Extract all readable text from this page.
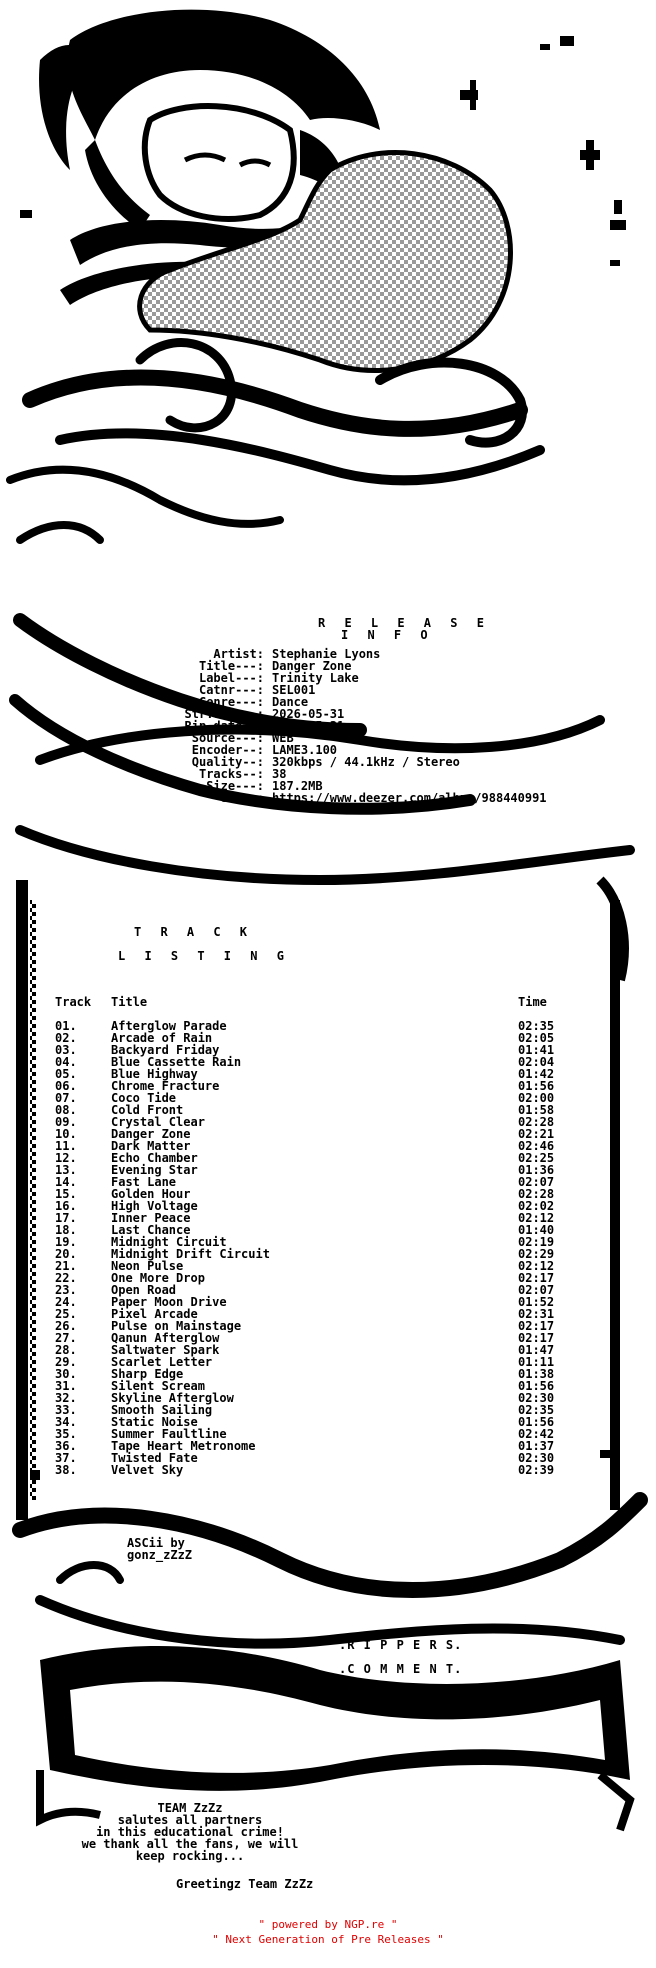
R E L E A S E
I N F O
Artist: Stephanie Lyons
Title---: Danger Zone
Label---: Trinity Lake
Catnr---: SEL001
Genre---: Dance
Str.date--: 2026-05-31
Rip.date--: 2026-05-31
Source---: WEB
Encoder--: LAME3.100
Quality--: 320kbps / 44.1kHz / Stereo
Tracks--: 38
Size---: 187.2MB
Url--: https://www.deezer.com/album/988440991
T R A C K
L I S T I N G
Track Title	Time
01.	Afterglow Parade	02:35
02.	Arcade of Rain	02:05
03.	Backyard Friday	01:41
04.	Blue Cassette Rain	02:04
05.	Blue Highway	01:42
06.	Chrome Fracture	01:56
07.	Coco Tide	02:00
08.	Cold Front	01:58
09.	Crystal Clear	02:28
10.	Danger Zone	02:21
11.	Dark Matter	02:46
12.	Echo Chamber	02:25
13.	Evening Star	01:36
14.	Fast Lane	02:07
15.	Golden Hour	02:28
16.	High Voltage	02:02
17.	Inner Peace	02:12
18.	Last Chance	01:40
19.	Midnight Circuit	02:19
20.	Midnight Drift Circuit	02:29
21.	Neon Pulse	02:12
22.	One More Drop	02:17
23.	Open Road	02:07
24.	Paper Moon Drive	01:52
25.	Pixel Arcade	02:31
26.	Pulse on Mainstage	02:17
27.	Qanun Afterglow	02:17
28.	Saltwater Spark	01:47
29.	Scarlet Letter	01:11
30.	Sharp Edge	01:38
31.	Silent Scream	01:56
32.	Skyline Afterglow	02:30
33.	Smooth Sailing	02:35
34.	Static Noise	01:56
35.	Summer Faultline	02:42
36.	Tape Heart Metronome	01:37
37.	Twisted Fate	02:30
38.	Velvet Sky	02:39
ASCii by
gonz_zZzZ
.R I P P E R S.
.C O M M E N T.
TEAM ZzZz
salutes all partners
in this educational crime!
we thank all the fans, we will
keep rocking...
Greetingz Team ZzZz
" powered by NGP.re "
" Next Generation of Pre Releases "
